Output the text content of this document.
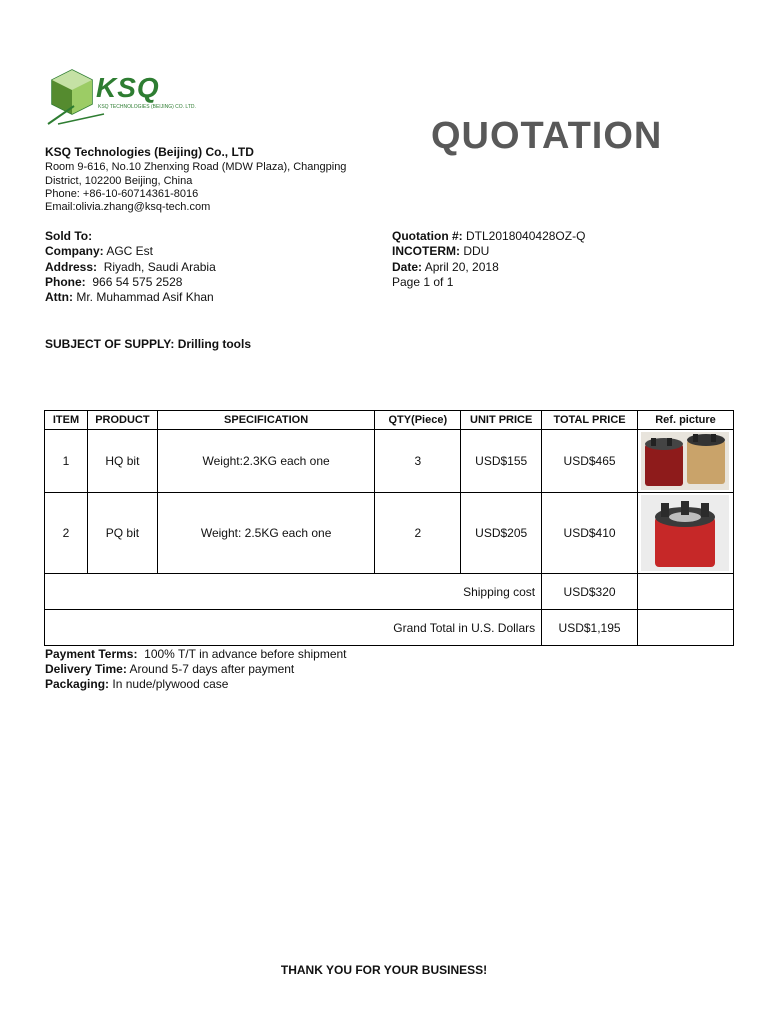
KSQ
KSQ TECHNOLOGIES (BEIJING) CO. LTD.
QUOTATION
KSQ Technologies (Beijing) Co., LTD
Room 9-616, No.10 Zhenxing Road (MDW Plaza), Changping
District, 102200 Beijing, China
Phone: +86-10-60714361-8016
Email:olivia.zhang@ksq-tech.com
Sold To:
Company: AGC Est
Address: Riyadh, Saudi Arabia
Phone: 966 54 575 2528
Attn: Mr. Muhammad Asif Khan
Quotation #: DTL2018040428OZ-Q
INCOTERM: DDU
Date: April 20, 2018
Page 1 of 1
SUBJECT OF SUPPLY: Drilling tools
ITEM	PRODUCT	SPECIFICATION	QTY(Piece)	UNIT PRICE	TOTAL PRICE	Ref. picture
1	HQ bit	Weight:2.3KG each one	3	USD$155	USD$465	

2	PQ bit	Weight: 2.5KG each one	2	USD$205	USD$410	

Shipping cost					USD$320	
Grand Total in U.S. Dollars					USD$1,195	
Payment Terms: 100% T/T in advance before shipment
Delivery Time: Around 5-7 days after payment
Packaging: In nude/plywood case
THANK YOU FOR YOUR BUSINESS!
